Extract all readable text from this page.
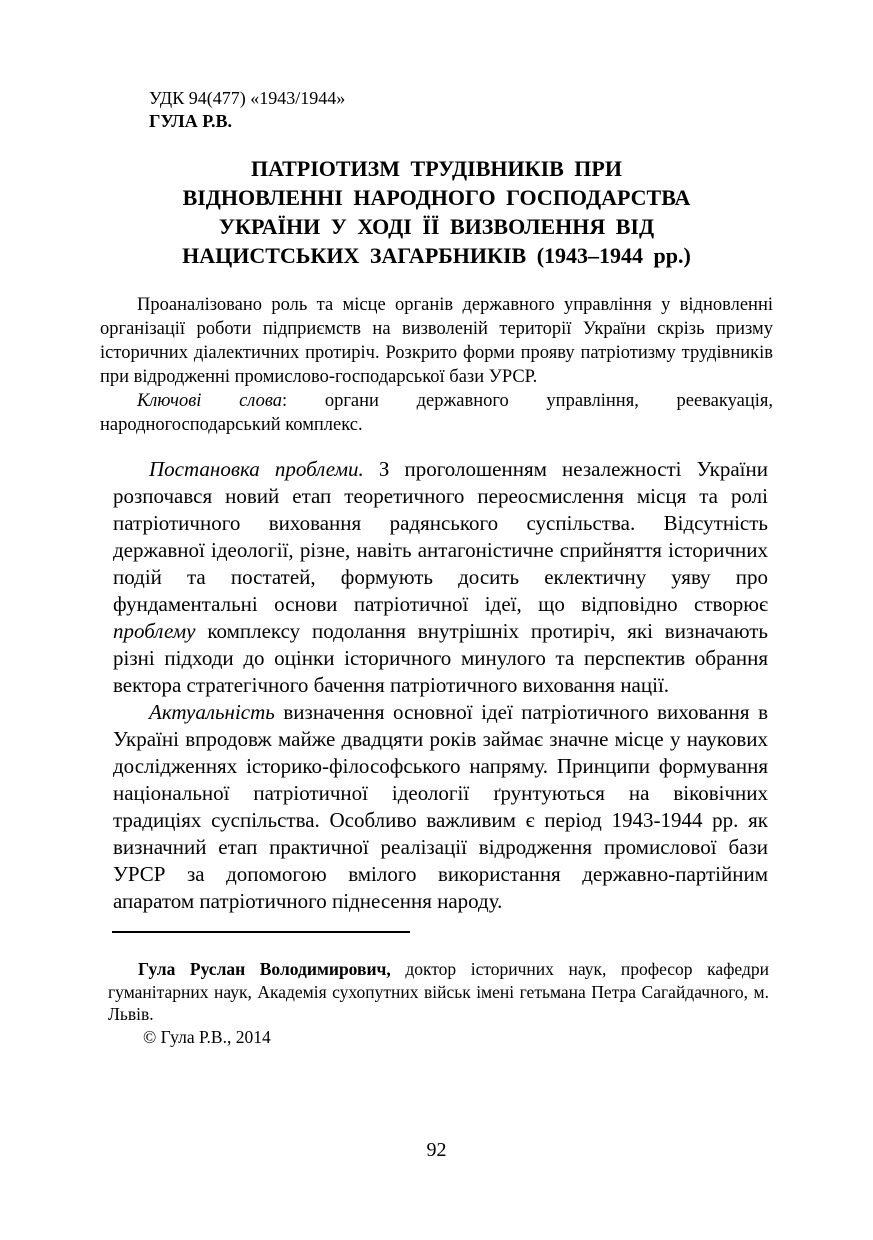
УДК 94(477) «1943/1944»
ГУЛА Р.В.
ПАТРІОТИЗМ ТРУДІВНИКІВ ПРИ
ВІДНОВЛЕННІ НАРОДНОГО ГОСПОДАРСТВА
УКРАЇНИ У ХОДІ ЇЇ ВИЗВОЛЕННЯ ВІД
НАЦИСТСЬКИХ ЗАГАРБНИКІВ (1943–1944 рр.)

Проаналізовано роль та місце органів державного управління у відновленні організації роботи підприємств на визволеній території України скрізь призму історичних діалектичних протиріч. Розкрито форми прояву патріотизму трудівників при відродженні промислово-господарської бази УРСР.

Ключові слова: органи державного управління, реевакуація, народногосподарський комплекс.

Постановка проблеми. З проголошенням незалежності України розпочався новий етап теоретичного переосмислення місця та ролі патріотичного виховання радянського суспільства. Відсутність державної ідеології, різне, навіть антагоністичне сприйняття історичних подій та постатей, формують досить еклектичну уяву про фундаментальні основи патріотичної ідеї, що відповідно створює проблему комплексу подолання внутрішніх протиріч, які визначають різні підходи до оцінки історичного минулого та перспектив обрання вектора стратегічного бачення патріотичного виховання нації.

Актуальність визначення основної ідеї патріотичного виховання в Україні впродовж майже двадцяти років займає значне місце у наукових дослідженнях історико-філософського напряму. Принципи формування національної патріотичної ідеології ґрунтуються на віковічних традиціях суспільства. Особливо важливим є період 1943-1944 рр. як визначний етап практичної реалізації відродження промислової бази УРСР за допомогою вмілого використання державно-партійним апаратом патріотичного піднесення народу.

Гула Руслан Володимирович, доктор історичних наук, професор кафедри гуманітарних наук, Академія сухопутних військ імені гетьмана Петра Сагайдачного, м. Львів.

© Гула Р.В., 2014

92
